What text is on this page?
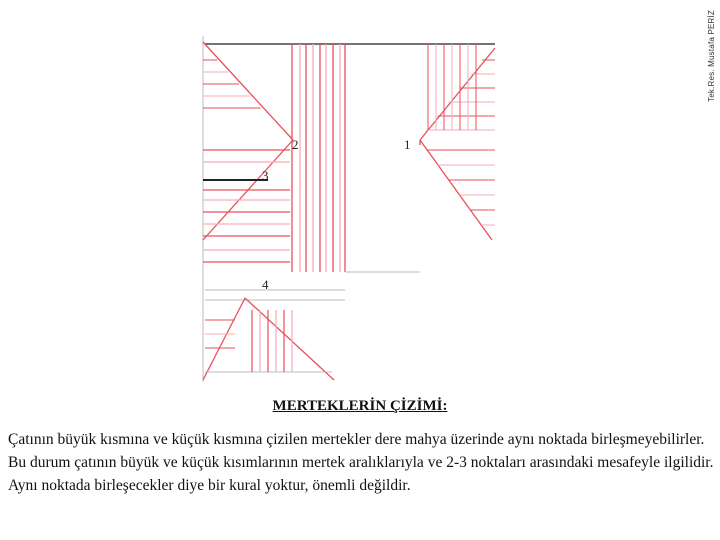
2	1
3
4
Tek.Res. Mustafa PERİZ
MERTEKLERİN ÇİZİMİ:
Çatının büyük kısmına ve küçük kısmına çizilen mertekler dere mahya üzerinde aynı noktada birleşmeyebilirler. Bu durum çatının büyük ve küçük kısımlarının mertek aralıklarıyla ve 2-3 noktaları arasındaki mesafeyle ilgilidir. Aynı noktada birleşecekler diye bir kural yoktur, önemli değildir.
